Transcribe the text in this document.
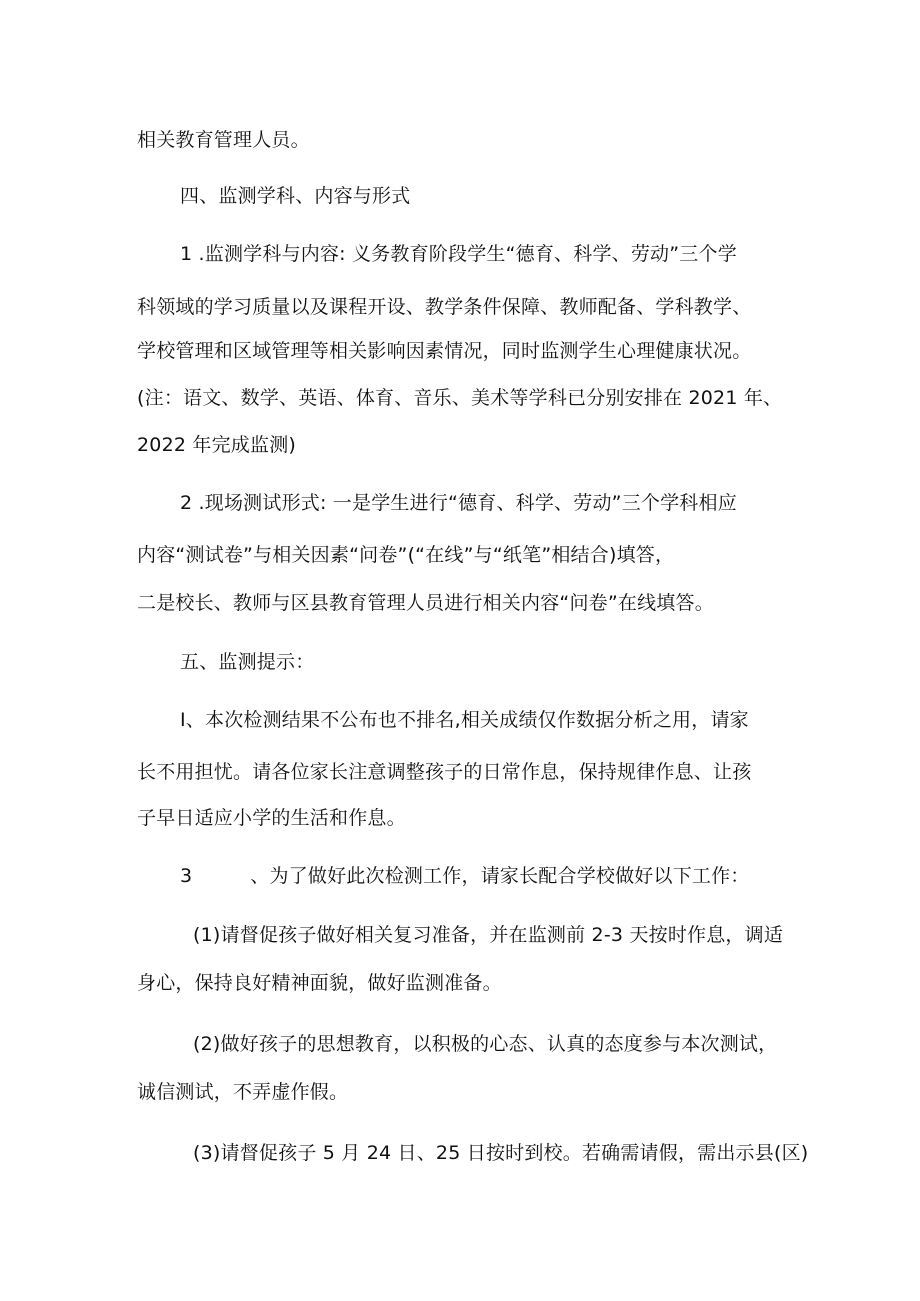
相关教育管理人员。
四、监测学科、内容与形式
1 .监测学科与内容: 义务教育阶段学生“德育、科学、劳动”三个学
科领域的学习质量以及课程开设、教学条件保障、教师配备、学科教学、
学校管理和区域管理等相关影响因素情况，同时监测学生心理健康状况。
(注：语文、数学、英语、体育、音乐、美术等学科已分别安排在 2021 年、
2022 年完成监测)
2 .现场测试形式: 一是学生进行“德育、科学、劳动”三个学科相应
内容“测试卷”与相关因素“问卷”(“在线”与“纸笔”相结合)填答，
二是校长、教师与区县教育管理人员进行相关内容“问卷”在线填答。
五、监测提示：
I、本次检测结果不公布也不排名,相关成绩仅作数据分析之用，请家
长不用担忧。请各位家长注意调整孩子的日常作息，保持规律作息、让孩
子早日适应小学的生活和作息。
3	、为了做好此次检测工作，请家长配合学校做好以下工作：
(1)请督促孩子做好相关复习准备，并在监测前 2-3 天按时作息，调适
身心，保持良好精神面貌，做好监测准备。
(2)做好孩子的思想教育，以积极的心态、认真的态度参与本次测试，
诚信测试，不弄虚作假。
(3)请督促孩子 5 月 24 日、25 日按时到校。若确需请假，需出示县(区)
